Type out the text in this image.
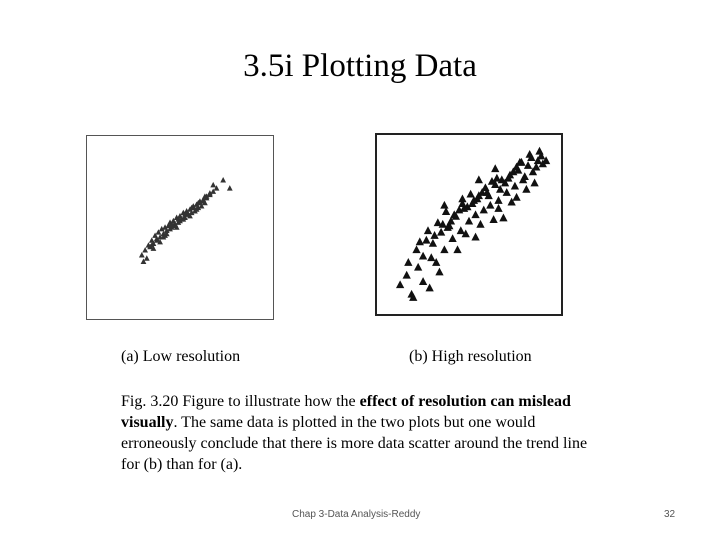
3.5i Plotting Data
(a) Low resolution	(b) High resolution
Fig. 3.20 Figure to illustrate how the effect of resolution can mislead visually. The same data is plotted in the two plots but one would erroneously conclude that there is more data scatter around the trend line for (b) than for (a).
Chap 3-Data Analysis-Reddy	32
